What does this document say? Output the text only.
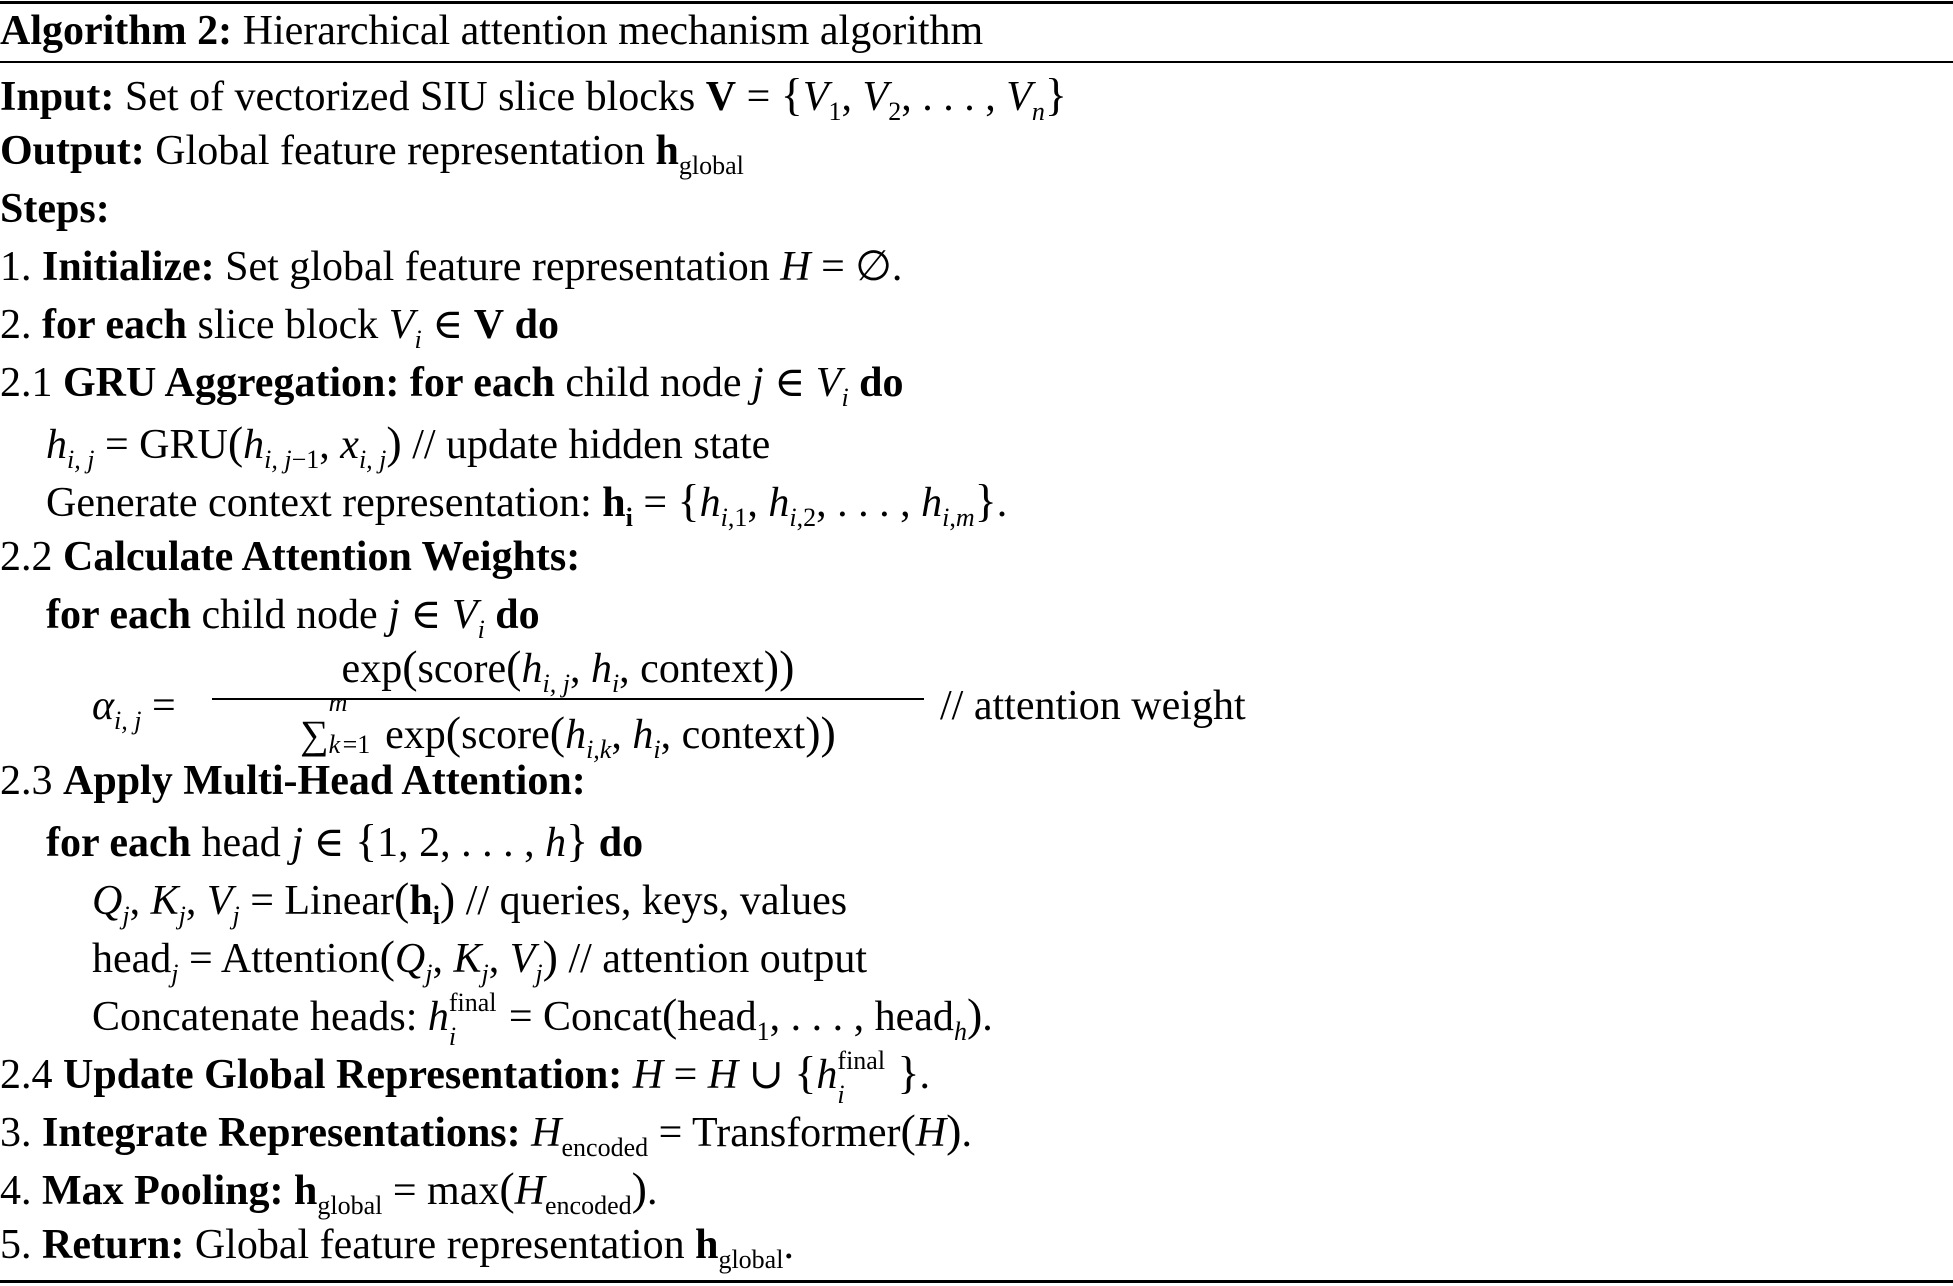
Algorithm 2: Hierarchical attention mechanism algorithm
Input: Set of vectorized SIU slice blocks $V = \{V_1$, $V_2$, . . . , $V_n$}
Output: Global feature representation $h_{global}$
Steps:
1. Initialize: Set global feature representation H = ∅.
2. for each slice block $V_i$ ∈ V do
2.1 GRU Aggregation: for each child node j ∈ $V_i$ do
$h_{i, j} = GRU(h_{i, j-1}$, $x_{i, j}$) // update hidden state
Generate context representation: $h_i = \{h_{i,1}$, $h_{i,2}$, . . . , $h_{i,m}$}.
2.2 Calculate Attention Weights:
for each child node j ∈ $V_i$ do
$\alpha_{i, j}$ =
$\exp(score(h_{i, j}$, $h_i$, context))
∑
m
k =1 $\exp(score(h_{i,k}$, $h_i$, context))
// attention weight
2.3 Apply Multi-Head Attention:
for each head j ∈ {1, 2, . . . , h} do
$Q_j$, $K_j$, $V_j$ = $Linear(h_i)$ // queries, keys, values
head$_j$ = $Attention(Q_j$, $K_j$, $V_j$) // attention output
Concatenate heads: h final
i = Concat(head$_1$, . . . , head$_h$).
2.4 Update Global Representation: H = H ∪ {h final
i }.
3. Integrate Representations: $H_{encoded}$ = Transformer(H).
4. Max Pooling: $h_{global} = \max(H_{encoded})$.
5. Return: Global feature representation $h_{global}$.
